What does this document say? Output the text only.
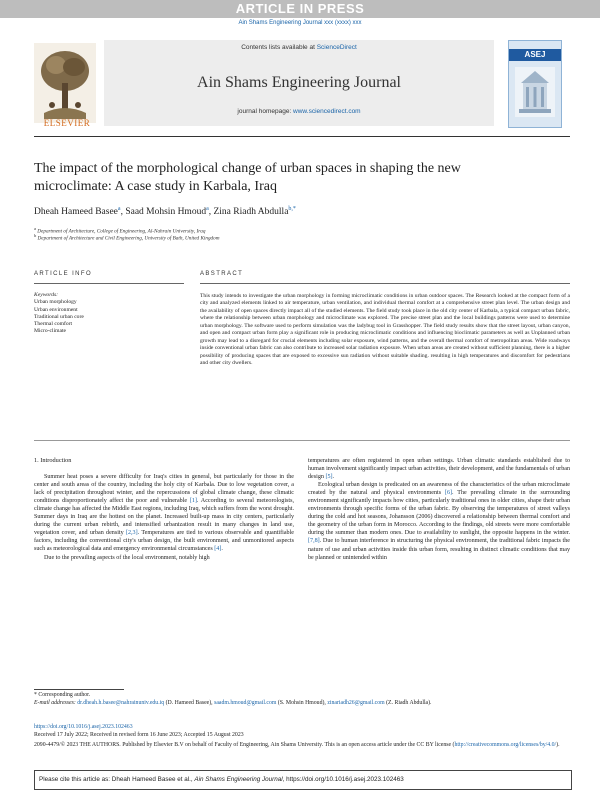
ARTICLE IN PRESS
Ain Shams Engineering Journal xxx (xxxx) xxx
ELSEVIER
Contents lists available at ScienceDirect
Ain Shams Engineering Journal
journal homepage: www.sciencedirect.com
ASEJ
The impact of the morphological change of urban spaces in shaping the new
microclimate: A case study in Karbala, Iraq
Dheah Hameed Basee$^a$, Saad Mohsin Hmoud$^a$, Zina Riadh Abdulla$^{b,*}$
$^a$ Department of Architecture, College of Engineering, Al-Nahrain University, Iraq
$^b$ Department of Architecture and Civil Engineering, University of Bath, United Kingdom
ARTICLE INFO	ABSTRACT
Keywords:
Urban morphology
Urban environment
Traditional urban core
Thermal comfort
Micro-climate
This study intends to investigate the urban morphology in forming microclimatic conditions in urban outdoor spaces. The Research looked at the compact form of a city and analyzed elements linked to air temperature, urban ventilation, and individual thermal comfort at a comprehensive street plan level. The urban design and the availability of open spaces directly impact all of the studied elements. The field study took place in the old city center of Karbala, a typical compact urban fabric, where the relationship between urban morphology and microclimate was explored. The precise street plan and the local buildings patterns were used to determine urban morphology. The software used to perform simulation was the ladybug tool in Grasshopper. The field study results show that the street layout, urban canyon, and open and compact urban form play a significant role in producing microclimatic conditions and influencing bioclimatic parameters as well as Unplanned urban growth may lead to a disregard for crucial elements including solar exposure, wind patterns, and the overall thermal comfort of metropolitan areas. Wide roadways inside conventional urban fabric can also contribute to increased solar radiation exposure. When urban areas are created without sufficient planning, there is a higher possibility of producing spaces that are exposed to excessive sun radiation without suitable shading. resulting in high temperatures and discomfort for pedestrians and other city dwellers.
1. Introduction

Summer heat poses a severe difficulty for Iraq's cities in general, but particularly for those in the center and south areas of the country, including the holy city of Karbala. Due to low vegetation cover, a lack of precipitation throughout winter, and the repercussions of global climate change, these climatic conditions disproportionately affect the poor and vulnerable [1]. According to several meteorologists, climate change has affected the Middle East regions, including Iraq, which suffers from the worst drought. Summer days in Iraq are the hottest on the planet. Increased built-up mass in city centers, particularly during the current urban rebirth, and intensified urbanization result in many changes in land use, vegetation cover, and urban density [2,3]. Temperatures are tied to various observable and quantifiable factors, including the conventional city's urban design, the built environment, and unmonitored aspects such as meteorological data and emergency environmental circumstances [4].

Due to the prevailing aspects of the local environment, notably high

temperatures are often registered in open urban settings. Urban climatic standards established due to human involvement significantly impact urban activities, their development, and the fundamentals of urban design [5].

Ecological urban design is predicated on an awareness of the characteristics of the urban microclimate created by the natural and physical environments [6]. The prevailing climate in the surrounding environment significantly impacts how cities, particularly traditional ones in older cities, shape their urban environments through specific forms of the urban fabric. By observing the temperatures of street valleys during the cold and hot seasons, Johansson (2006) discovered a relationship between thermal comfort and the geometry of the urban form in Morocco. According to the findings, old streets were more comfortable during the summer than modern ones. Due to availability to sunlight, the opposite happens in the winter. [7,8]. Due to human interference in structuring the physical environment, the traditional fabric impacts the nature of use and urban activities inside this urban form, resulting in distinct climatic conditions that may be planned or unintended within

* Corresponding author.
E-mail addresses: dr.dheah.h.basee@nahrainuniv.edu.iq (D. Hameed Basee), saadm.hmoud@gmail.com (S. Mohsin Hmoud), zinariadh26@gmail.com (Z. Riadh Abdulla).
https://doi.org/10.1016/j.asej.2023.102463
Received 17 July 2022; Received in revised form 16 June 2023; Accepted 15 August 2023
2090-4479/© 2023 THE AUTHORS. Published by Elsevier B.V on behalf of Faculty of Engineering, Ain Shams University. This is an open access article under the CC BY license (http://creativecommons.org/licenses/by/4.0/).
Please cite this article as: Dheah Hameed Basee et al., Ain Shams Engineering Journal, https://doi.org/10.1016/j.asej.2023.102463
